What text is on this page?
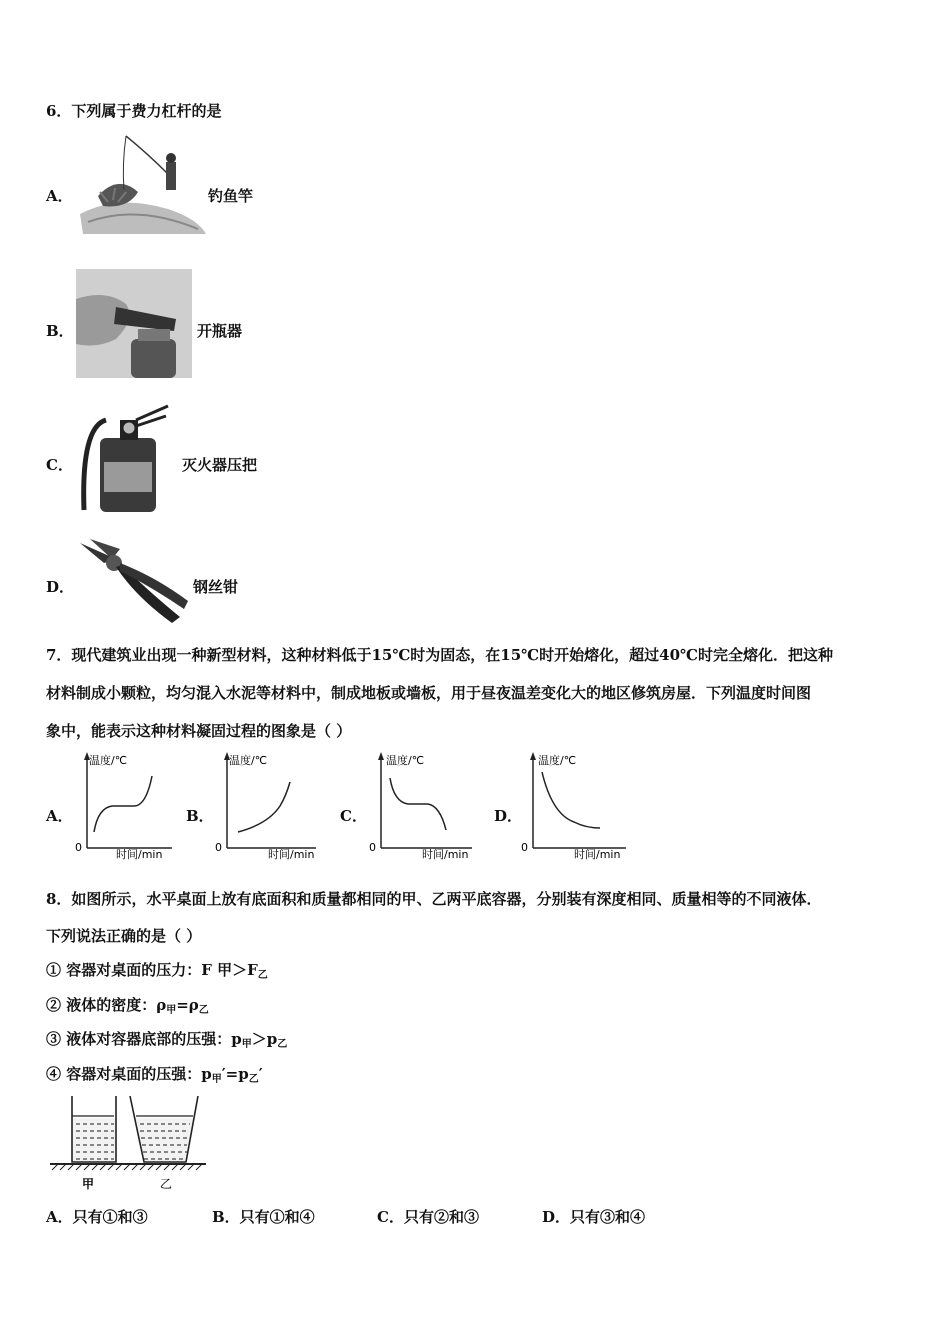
6．下列属于费力杠杆的是
A．	钓鱼竿
B．	开瓶器
C．	灭火器压把
D．	钢丝钳
7．现代建筑业出现一种新型材料，这种材料低于15℃时为固态，在15℃时开始熔化，超过40℃时完全熔化．把这种
材料制成小颗粒，均匀混入水泥等材料中，制成地板或墙板，用于昼夜温差变化大的地区修筑房屋．下列温度时间图
象中，能表示这种材料凝固过程的图象是（ ）
A．
温度/℃
0
时间/min
B．
温度/℃
0
时间/min
C．
温度/℃
0
时间/min
D．
温度/℃
0
时间/min
8．如图所示，水平桌面上放有底面积和质量都相同的甲、乙两平底容器，分别装有深度相同、质量相等的不同液体．
下列说法正确的是（ ）
① 容器对桌面的压力：F 甲$>F_乙$
② 液体的密度：$\rho_甲=\rho_乙$
③ 液体对容器底部的压强：$p_甲>p_乙$
④ 容器对桌面的压强：$p_甲'=p_乙'$
甲	乙
A．只有①和③	B．只有①和④	C．只有②和③	D．只有③和④
